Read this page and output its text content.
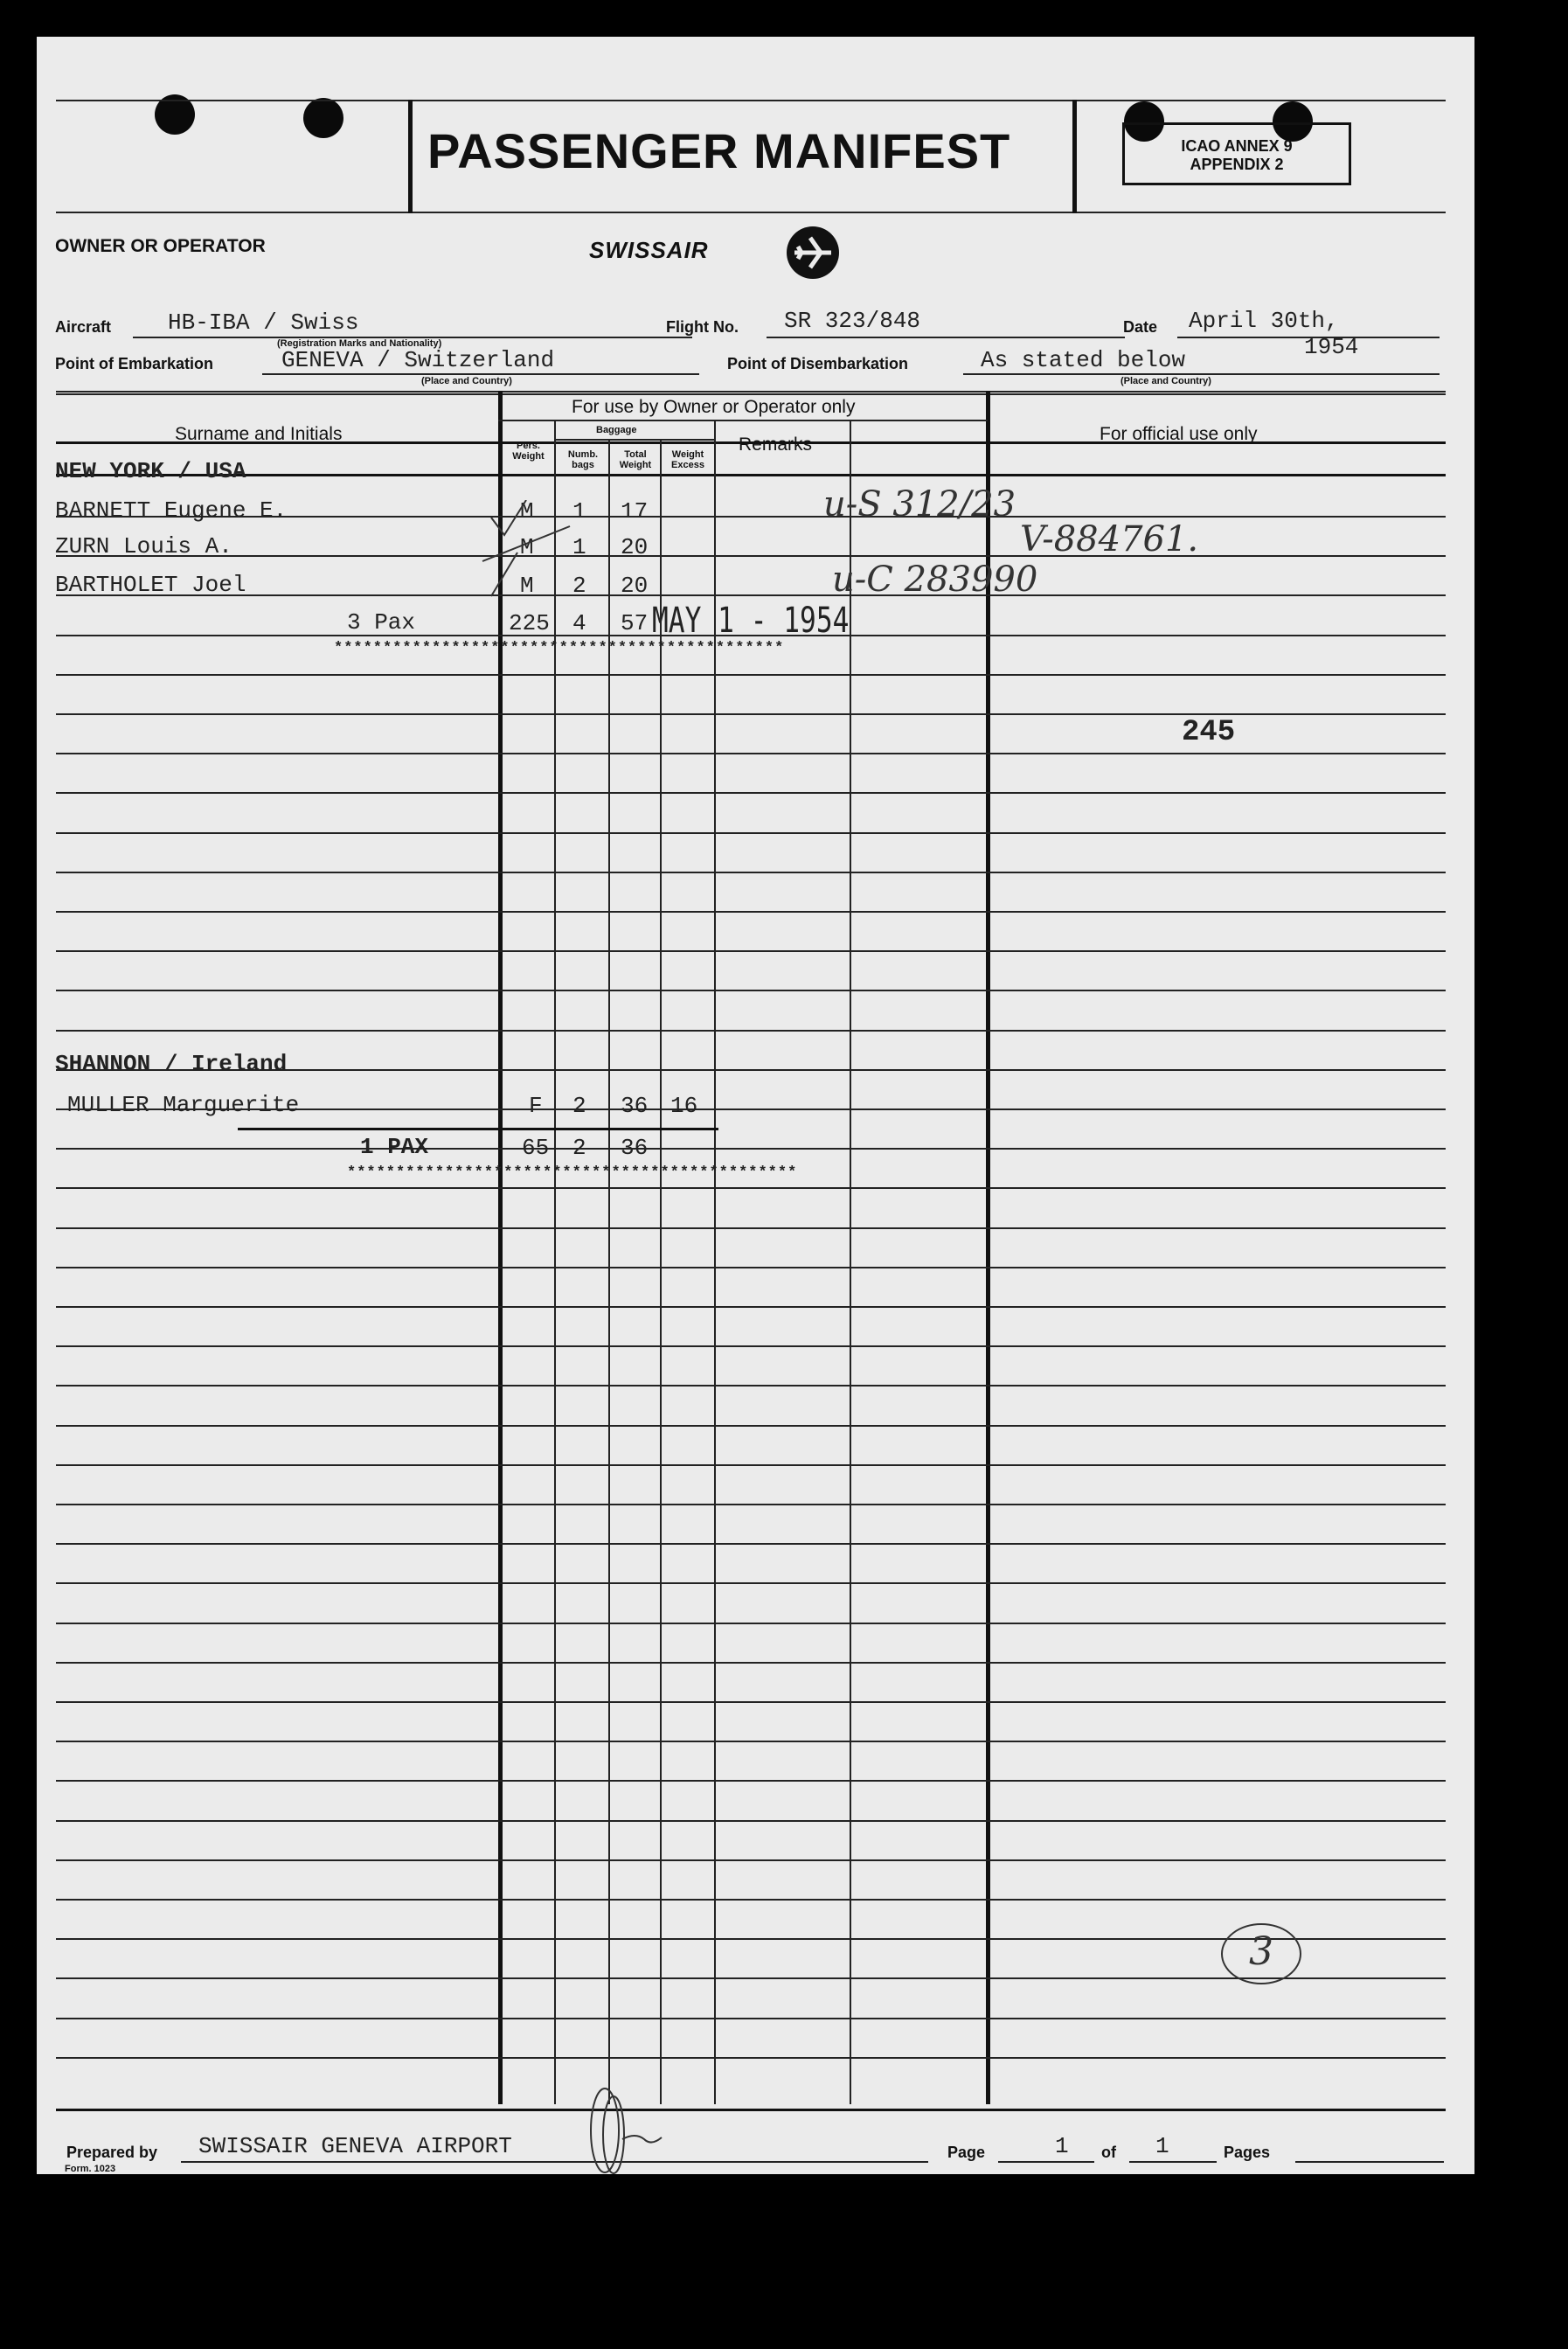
PASSENGER MANIFEST	ICAO ANNEX 9
APPENDIX 2
OWNER OR OPERATOR	SWISSAIR
Aircraft HB-IBA / Swiss
(Registration Marks and Nationality)
Flight No. SR 323/848	Date April 30th,
1954
Point of Embarkation	GENEVA / Switzerland
(Place and Country)
Point of Disembarkation	As stated below
(Place and Country)
Surname and Initials
For use by Owner or Operator only
Pers. Weight
Baggage
Numb. bags
Total Weight
Weight Excess
Remarks
For official use only
NEW YORK / USA
BARNETT Eugene E.	M 1 17	u-S 312/23
ZURN Louis A.	M 1 20	V-884761.
BARTHOLET Joel	M 2 20	u-C 283990
3 Pax	225 4 57 MAY 1 - 1954
**********************************************
245
SHANNON / Ireland
MULLER Marguerite	F 2 36 16
1 PAX	65 2 36
**********************************************
3
Prepared by SWISSAIR GENEVA AIRPORT	Page	1 of 1	Pages
Form. 1023
